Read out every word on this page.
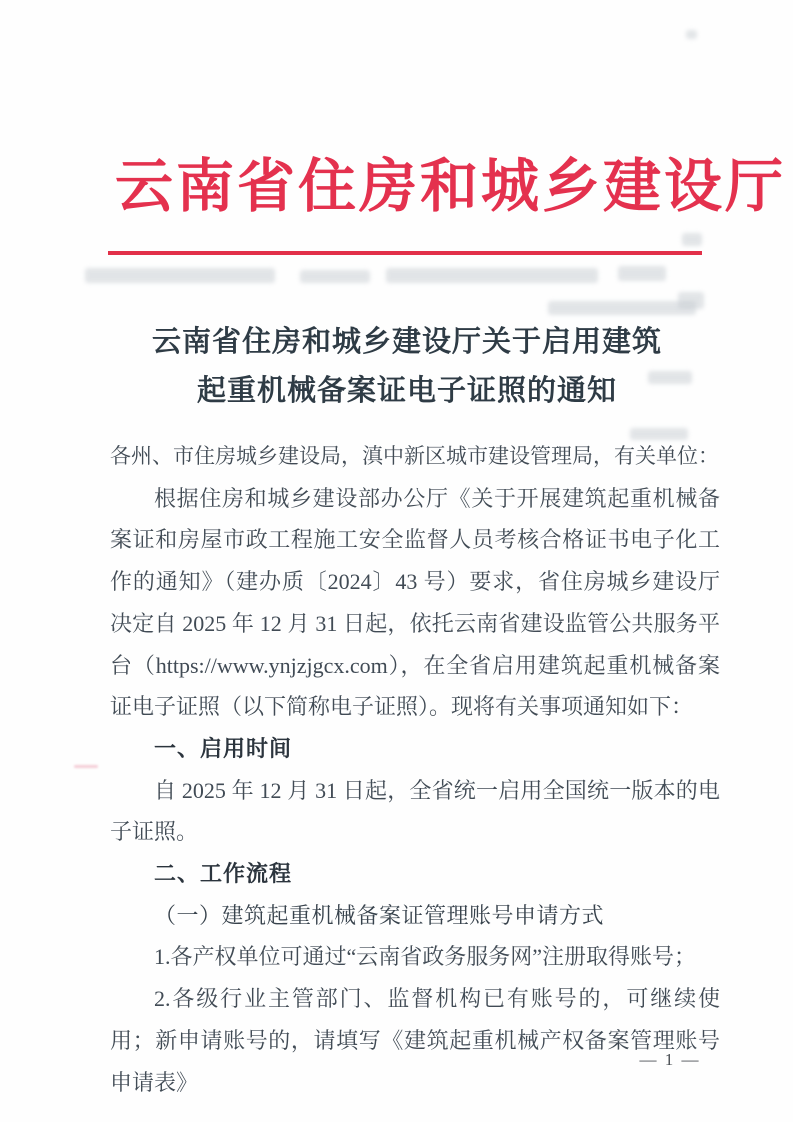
云南省住房和城乡建设厅
云南省住房和城乡建设厅关于启用建筑
起重机械备案证电子证照的通知

各州、市住房城乡建设局，滇中新区城市建设管理局，有关单位：

根据住房和城乡建设部办公厅《关于开展建筑起重机械备案证和房屋市政工程施工安全监督人员考核合格证书电子化工作的通知》（建办质〔2024〕43 号）要求，省住房城乡建设厅决定自 2025 年 12 月 31 日起，依托云南省建设监管公共服务平台（https://www.ynjzjgcx.com），在全省启用建筑起重机械备案证电子证照（以下简称电子证照）。现将有关事项通知如下：

一、启用时间

自 2025 年 12 月 31 日起，全省统一启用全国统一版本的电子证照。

二、工作流程

（一）建筑起重机械备案证管理账号申请方式

1.各产权单位可通过“云南省政务服务网”注册取得账号；

2.各级行业主管部门、监督机构已有账号的，可继续使用；新申请账号的，请填写《建筑起重机械产权备案管理账号申请表》

— 1 —
